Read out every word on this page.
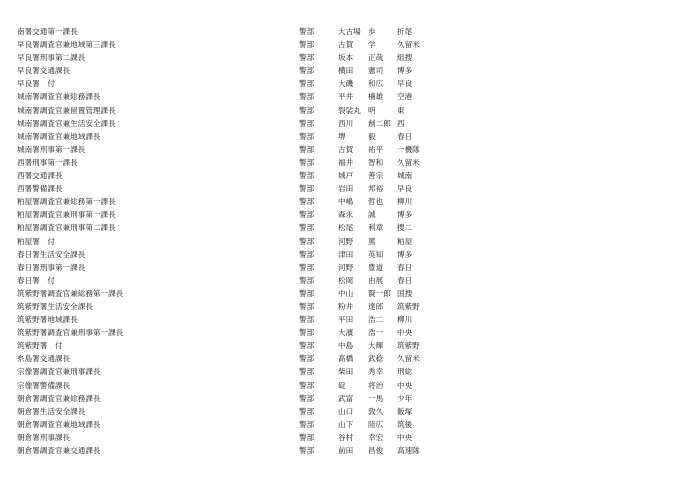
南署交通第一課長	警部	大古場 歩	折尾
早良署調査官兼地域第三課長	警部	古賀 学	久留米
早良署刑事第二課長	警部	坂本 正哉 組捜
早良署交通課長	警部	横田 憲司 博多
早良署　付	警部	大磯 和広 早良
城南署調査官兼総務課長	警部	平井 楠雄 空港
城南署調査官兼留置管理課長	警部	裂裟丸 明	東
城南署調査官兼生活安全課長	警部	西川 創二郎 西
城南署調査官兼地域課長	警部	堺	毅	春日
城南署刑事第一課長	警部	古賀 祐平 一機隊
西署刑事第一課長	警部	福井 智和 久留米
西署交通課長	警部	城戸 善宗 城南
西署警備課長	警部	岩田 邦裕 早良
粕屋署調査官兼総務第一課長	警部	中嶋 哲也 柳川
粕屋署調査官兼刑事第一課長	警部	森永 誠	博多
粕屋署調査官兼刑事第二課長	警部	松尾 利章 捜二
粕屋署　付	警部	河野 篤	粕屋
春日署生活安全課長	警部	津田 英知 博多
春日署刑事第一課長	警部	河野 豊道 春日
春日署　付	警部	松岡 由展 春日
筑紫野署調査官兼総務第一課長	警部	中山 賢一郎 国捜
筑紫野署生活安全課長	警部	粉井 達郎 筑紫野
筑紫野署地域課長	警部	平田 浩二 柳川
筑紫野署調査官兼刑事第一課長	警部	大濱 浩一 中央
筑紫野署　付	警部	中島 大輝 筑紫野
糸島署交通課長	警部	髙橋 武稔 久留米
宗像署調査官兼刑事課長	警部	柴田 秀幸 刑総
宗像署警備課長	警部	碇	将治 中央
朝倉署調査官兼総務課長	警部	武富 一馬 少年
朝倉署生活安全課長	警部	山口 敦久 飯塚
朝倉署調査官兼地域課長	警部	山下 陸広 筑後
朝倉署刑事課長	警部	谷村 幸宏 中央
朝倉署調査官兼交通課長	警部	前田 昌俊 高速隊
